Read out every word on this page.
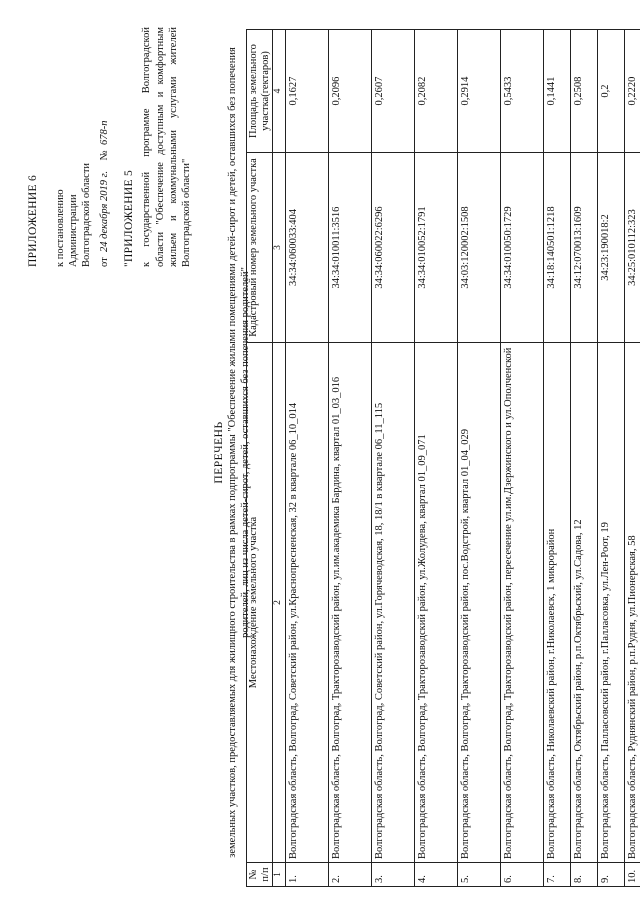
ПРИЛОЖЕНИЕ 6 к постановлению Администрации Волгоградской области от  24 декабря 2019 г.    №  678-п
"ПРИЛОЖЕНИЕ 5 к государственной программе Волгоградской области "Обеспечение доступным и комфортным жильем и коммунальными услугами жителей Волгоградской области"
ПЕРЕЧЕНЬ земельных участков, предоставляемых для жилищного строительства в рамках подпрограммы "Обеспечение жилыми помещениями детей-сирот и детей, оставшихся без попечения родителей, лиц из числа детей-сирот, детей, оставшихся без попечения родителей"
№ п/п	Местонахождение земельного участка	Кадастровый номер земельного участка	Площадь земельного участка(гектаров)
1	2	3	4
1.	Волгоградская область, Волгоград, Советский район, ул.Краснопресненская, 32 в квартале 06_10_014	34:34:060033:404	0,1627
2.	Волгоградская область, Волгоград, Тракторозаводский район, ул.им.академика Бардина, квартал 01_03_016	34:34:010011:3516	0,2096
3.	Волгоградская область, Волгоград, Советский район, ул.Горячеводская, 18, 18/1 в квартале 06_11_115	34:34:060022:6296	0,2607
4.	Волгоградская область, Волгоград, Тракторозаводский район, ул.Жолудева, квартал 01_09_071	34:34:010052:1791	0,2082
5.	Волгоградская область, Волгоград, Тракторозаводский район, пос.Водстрой, квартал 01_04_029	34:03:120002:1508	0,2914
6.	Волгоградская область, Волгоград, Тракторозаводский район, пересечение ул.им.Дзержинского и ул.Ополченской	34:34:010050:1729	0,5433
7.	Волгоградская область, Николаевский район, г.Николаевск, 1 микрорайон	34:18:140501:1218	0,1441
8.	Волгоградская область, Октябрьский район, р.п.Октябрьский, ул.Садова, 12	34:12:070013:1609	0,2508
9.	Волгоградская область, Палласовский район, г.Палласовка, ул.Лен-Роот, 19	34:23:190018:2	0,2
10.	Волгоградская область, Руднянский район, р.п.Рудня, ул.Пионерская, 58	34:25:010112:323	0,2220
